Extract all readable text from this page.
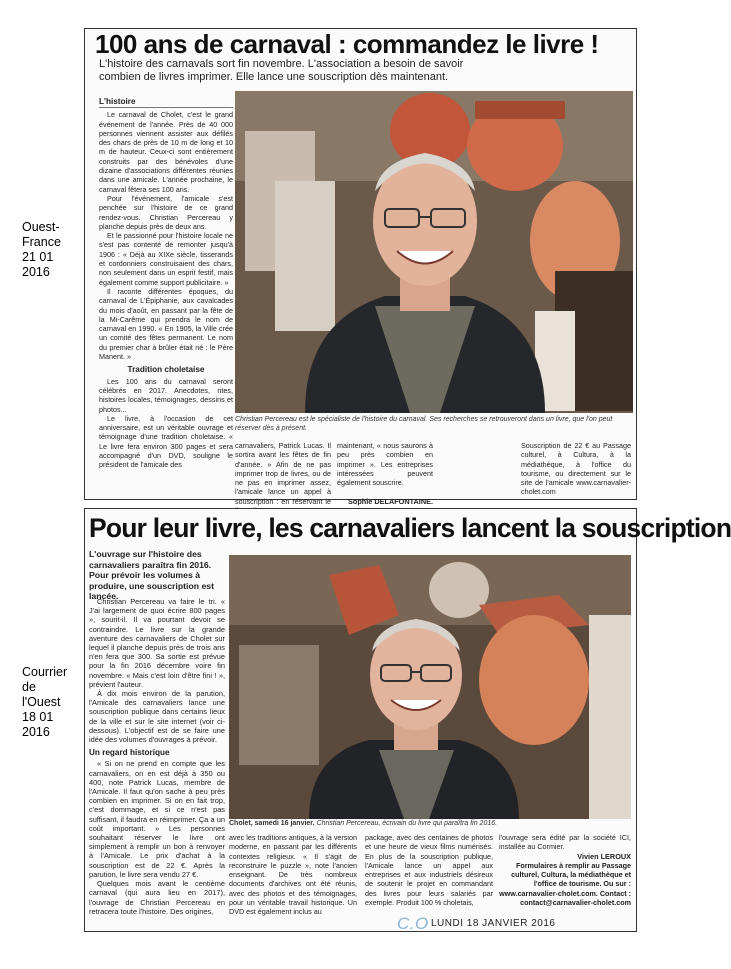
Ouest-
France
21 01
2016
Courrier
de
l'Ouest
18 01
2016
100 ans de carnaval : commandez le livre !
L'histoire des carnavals sort fin novembre. L'association a besoin de savoir combien de livres imprimer. Elle lance une souscription dès maintenant.
L'histoire

Le carnaval de Cholet, c'est le grand événement de l'année. Près de 40 000 personnes viennent assister aux défilés des chars de près de 10 m de long et 10 m de hauteur. Ceux-ci sont entièrement construits par des bénévoles d'une dizaine d'associations différentes réunies dans une amicale. L'année prochaine, le carnaval fêtera ses 100 ans.

Pour l'événement, l'amicale s'est penchée sur l'histoire de ce grand rendez-vous. Christian Percereau y planche depuis près de deux ans.

Et le passionné pour l'histoire locale ne s'est pas contenté de remonter jusqu'à 1906 : « Déjà au XIXe siècle, tisserands et cordonniers construisaient des chars, non seulement dans un esprit festif, mais également comme support publicitaire. »

Il raconte différentes époques, du carnaval de L'Épiphanie, aux cavalcades du mois d'août, en passant par la fête de la Mi-Carême qui prendra le nom de carnaval en 1990. « En 1905, la Ville crée un comité des fêtes permanent. Le nom du premier char à brûler était né : le Père Manent. »

Tradition choletaise

Les 100 ans du carnaval seront célébrés en 2017. Anecdotes, rites, histoires locales, témoignages, dessins et photos...

Le livre, à l'occasion de cet anniversaire, est un véritable ouvrage et témoignage d'une tradition choletaise. « Le livre fera environ 300 pages et sera accompagné d'un DVD, souligne le président de l'amicale des

Christian Percereau est le spécialiste de l'histoire du carnaval. Ses recherches se retrouveront dans un livre, que l'on peut réserver dès à présent.
carnavaliers, Patrick Lucas. Il sortira avant les fêtes de fin d'année. » Afin de ne pas imprimer trop de livres, ou de ne pas en imprimer assez, l'amicale lance un appel à souscription : en réservant le
maintenant, « nous saurons à peu près combien en imprimer ». Les entreprises intéressées peuvent également souscrire.
Sophie DELAFONTAINE.
Souscription de 22 € au Passage culturel, à Cultura, à la médiathèque, à l'office du tourisme, ou directement sur le site de l'amicale www.carnavalier-cholet.com
Pour leur livre, les carnavaliers lancent la souscription
L'ouvrage sur l'histoire des carnavaliers paraîtra fin 2016. Pour prévoir les volumes à produire, une souscription est lancée.

Christian Percereau va faire le tri. « J'ai largement de quoi écrire 800 pages », sourit-il. Il va pourtant devoir se contraindre. Le livre sur la grande aventure des carnavaliers de Cholet sur lequel il planche depuis près de trois ans n'en fera que 300. Sa sortie est prévue pour la fin 2016 décembre voire fin novembre. « Mais c'est loin d'être fini ! », prévient l'auteur.

À dix mois environ de la parution, l'Amicale des carnavaliers lance une souscription publique dans certains lieux de la ville et sur le site internet (voir ci-dessous). L'objectif est de se faire une idée des volumes d'ouvrages à prévoir.

Un regard historique

« Si on ne prend en compte que les carnavaliers, on en est déjà à 350 ou 400, note Patrick Lucas, membre de l'Amicale. Il faut qu'on sache à peu près combien en imprimer. Si on en fait trop, c'est dommage, et si ce n'est pas suffisant, il faudra en réimprimer. Ça a un coût important. » Les personnes souhaitant réserver le livre ont simplement à remplir un bon à renvoyer à l'Amicale. Le prix d'achat à la souscription est de 22 €. Après la parution, le livre sera vendu 27 €.

Quelques mois avant le centième carnaval (qui aura lieu en 2017), l'ouvrage de Christian Percereau en retracera toute l'histoire. Des origines,

Cholet, samedi 16 janvier. Christian Percereau, écrivain du livre qui paraîtra fin 2016.
avec les traditions antiques, à la version moderne, en passant par les différents contextes religieux. « Il s'agit de reconstruire le puzzle », note l'ancien enseignant. De très nombreux documents d'archives ont été réunis, avec des photos et des témoignages, pour un véritable travail historique. Un DVD est également inclus au
package, avec des centaines de photos et une heure de vieux films numérisés. En plus de la souscription publique, l'Amicale lance un appel aux entreprises et aux industriels désireux de soutenir le projet en commandant des livres pour leurs salariés par exemple. Produit 100 % choletais,
l'ouvrage sera édité par la société ICI, installée au Cormier.
Vivien LEROUX
Formulaires à remplir au Passage culturel, Cultura, la médiathèque et l'office de tourisme. Ou sur : www.carnavalier-cholet.com. Contact : contact@carnavalier-cholet.com
C.O LUNDI 18 JANVIER 2016
